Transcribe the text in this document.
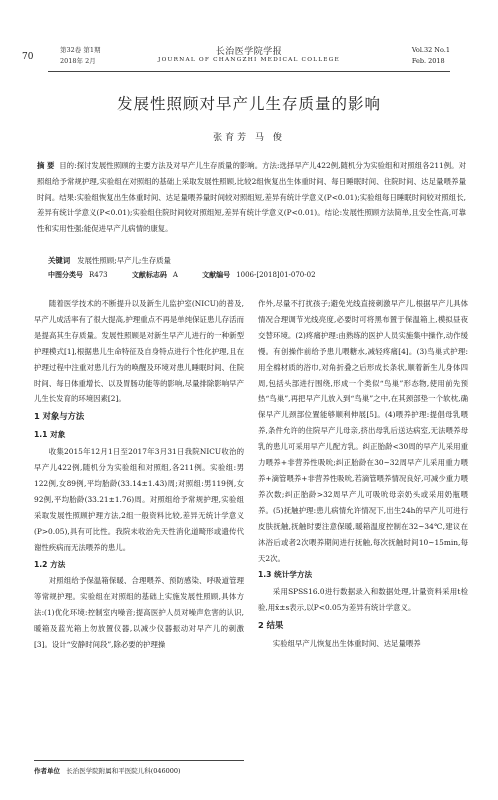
70
第32卷 第1期
2018年 2月
长治医学院学报
JOURNAL OF CHANGZHI MEDICAL COLLEGE
Vol.32 No.1
Feb. 2018
发展性照顾对早产儿生存质量的影响
张育芳 马 俊
摘 要 目的:探讨发展性照顾的主要方法及对早产儿生存质量的影响。方法:选择早产儿422例,随机分为实验组和对照组各211例。对照组给予常规护理,实验组在对照组的基础上采取发展性照顾,比较2组恢复出生体重时间、每日睡眠时间、住院时间、达足量喂养量时间。结果:实验组恢复出生体重时间、达足量喂养量时间较对照组短,差异有统计学意义(P<0.01);实验组每日睡眠时间较对照组长,差异有统计学意义(P<0.01);实验组住院时间较对照组短,差异有统计学意义(P<0.01)。结论:发展性照顾方法简单,且安全性高,可靠性和实用性强;能促进早产儿病情的康复。
关键词 发展性照顾;早产儿;生存质量
中图分类号 R473	文献标志码 A	文献编号 1006-[2018]01-070-02

随着医学技术的不断提升以及新生儿监护室(NICU)的普及,早产儿成活率有了很大提高,护理重点不再是单纯保证患儿存活而是提高其生存质量。发展性照顾是对新生早产儿进行的一种新型护理模式[1],根据患儿生命特征及自身特点进行个性化护理,且在护理过程中注重对患儿行为的唤醒及环境对患儿睡眠时间、住院时间、每日体重增长、以及胃肠功能等的影响,尽量排除影响早产儿生长发育的环境因素[2]。

1 对象与方法
1.1 对象

收集2015年12月1日至2017年3月31日我院NICU收治的早产儿422例,随机分为实验组和对照组,各211例。实验组:男122例,女89例,平均胎龄(33.14±1.43)周;对照组:男119例,女92例,平均胎龄(33.21±1.76)周。对照组给予常规护理,实验组采取发展性照顾护理方法,2组一般资料比较,差异无统计学意义(P>0.05),具有可比性。我院未收治先天性消化道畸形或遗传代谢性疾病而无法喂养的患儿。

1.2 方法

对照组给予保温箱保暖、合理喂养、预防感染、呼吸道管理等常规护理。实验组在对照组的基础上实施发展性照顾,具体方法:(1)优化环境:控制室内噪音;提高医护人员对噪声危害的认识,暖箱及蓝光箱上勿放置仪器,以减少仪器振动对早产儿的刺激[3]。设计“安静时间段”,除必要的护理操

作外,尽量不打扰孩子;避免光线直接刺激早产儿,根据早产儿具体情况合理调节光线亮度,必要时可将黑布置于保温箱上,模拟昼夜交替环境。(2)疼痛护理:由熟练的医护人员实施集中操作,动作缓慢。有创操作前给予患儿喂糖水,减轻疼痛[4]。(3)鸟巢式护理:用全棉材质的浴巾,对角折叠之后形成长条状,顺着新生儿身体四周,包括头部进行围绕,形成一个类似“鸟巢”形态物,使用前先预热“鸟巢”,再把早产儿放入到“鸟巢”之中,在其颈部垫一个软枕,确保早产儿颈部位置能够顺利伸展[5]。(4)喂养护理:提倡母乳喂养,条件允许的住院早产儿母亲,挤出母乳后送达病室,无法喂养母乳的患儿可采用早产儿配方乳。纠正胎龄<30周的早产儿采用重力喂养+非营养性吸吮;纠正胎龄在30~32周早产儿采用重力喂养+滴管喂养+非营养性吸吮,若滴管喂养情况良好,可减少重力喂养次数;纠正胎龄>32周早产儿可吸吮母亲奶头或采用奶瓶喂养。(5)抚触护理:患儿病情允许情况下,出生24h的早产儿可进行皮肤抚触,抚触时要注意保暖,暖箱温度控制在32~34℃,建议在沐浴后或者2次喂养期间进行抚触,每次抚触时间10~15min,每天2次。

1.3 统计学方法

采用SPSS16.0进行数据录入和数据处理,计量资料采用t检验,用x̄±s表示,以P<0.05为差异有统计学意义。

2 结果

实验组早产儿恢复出生体重时间、达足量喂养

作者单位 长治医学院附属和平医院儿科(046000)
